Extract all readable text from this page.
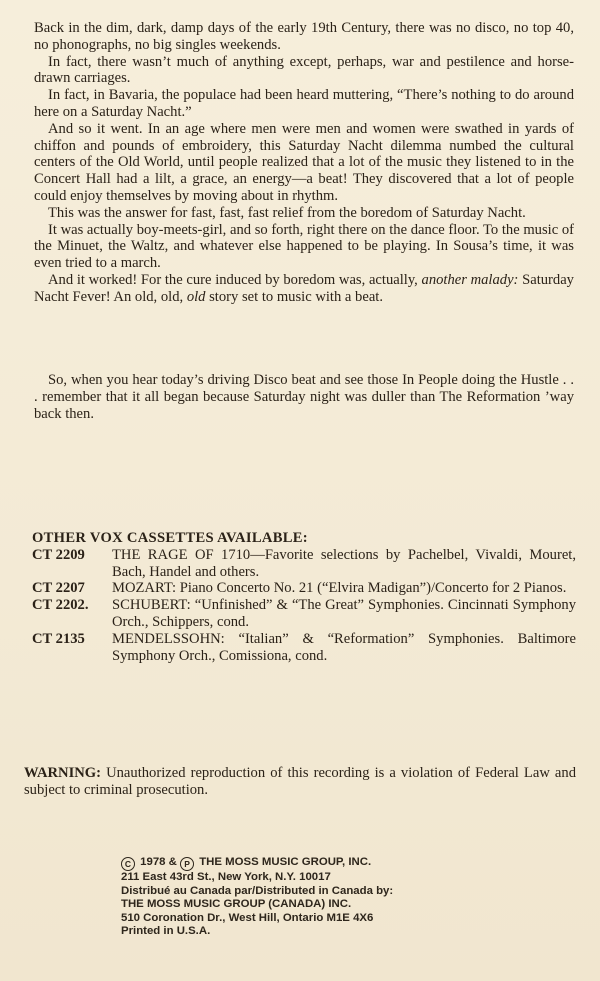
Back in the dim, dark, damp days of the early 19th Century, there was no disco, no top 40, no phonographs, no big singles weekends.

In fact, there wasn’t much of anything except, perhaps, war and pestilence and horse-drawn carriages.

In fact, in Bavaria, the populace had been heard muttering, “There’s nothing to do around here on a Saturday Nacht.”

And so it went. In an age where men were men and women were swathed in yards of chiffon and pounds of embroidery, this Saturday Nacht dilemma numbed the cultural centers of the Old World, until people realized that a lot of the music they listened to in the Concert Hall had a lilt, a grace, an energy—a beat! They discovered that a lot of people could enjoy themselves by moving about in rhythm.

This was the answer for fast, fast, fast relief from the boredom of Saturday Nacht.

It was actually boy-meets-girl, and so forth, right there on the dance floor. To the music of the Minuet, the Waltz, and whatever else happened to be playing. In Sousa’s time, it was even tried to a march.

And it worked! For the cure induced by boredom was, actually, another malady: Saturday Nacht Fever! An old, old, old story set to music with a beat.

So, when you hear today’s driving Disco beat and see those In People doing the Hustle . . . remember that it all began because Saturday night was duller than The Reformation ’way back then.

OTHER VOX CASSETTES AVAILABLE:
CT 2209	THE RAGE OF 1710—Favorite selections by Pachelbel, Vivaldi, Mouret, Bach, Handel and others.
CT 2207	MOZART: Piano Concerto No. 21 (“Elvira Madigan”)/Concerto for 2 Pianos.
CT 2202.	SCHUBERT: “Unfinished” & “The Great” Symphonies. Cincinnati Symphony Orch., Schippers, cond.
CT 2135	MENDELSSOHN: “Italian” & “Reformation” Symphonies. Baltimore Symphony Orch., Comissiona, cond.
WARNING: Unauthorized reproduction of this recording is a violation of Federal Law and subject to criminal prosecution.
C 1978 & P THE MOSS MUSIC GROUP, INC.
211 East 43rd St., New York, N.Y. 10017
Distribué au Canada par/Distributed in Canada by:
THE MOSS MUSIC GROUP (CANADA) INC.
510 Coronation Dr., West Hill, Ontario M1E 4X6
Printed in U.S.A.
